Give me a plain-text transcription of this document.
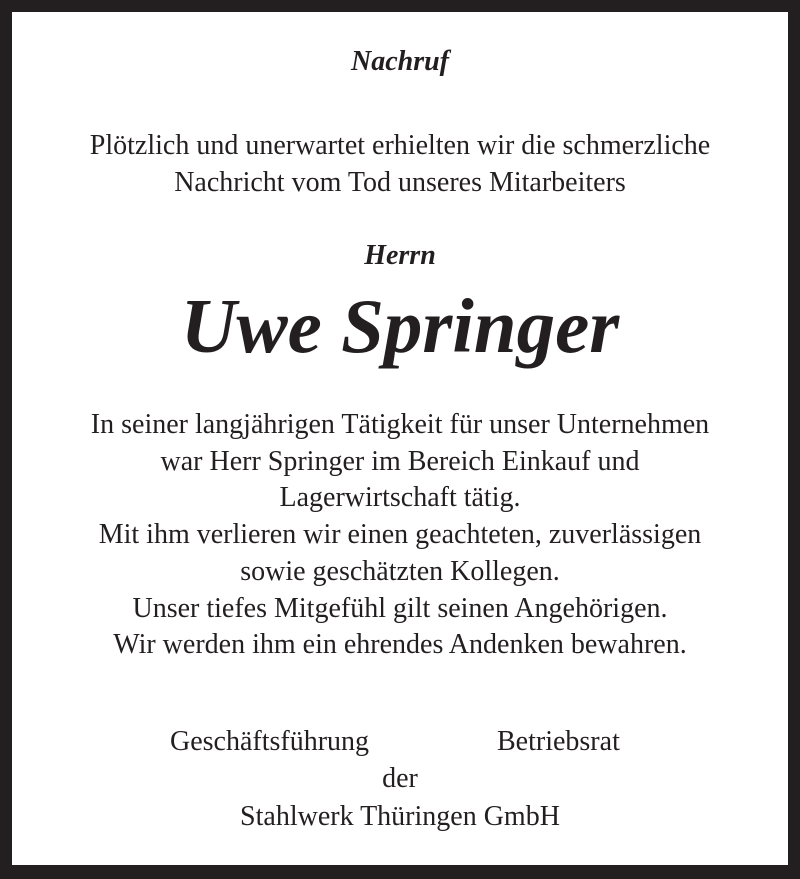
Nachruf
Plötzlich und unerwartet erhielten wir die schmerzliche
Nachricht vom Tod unseres Mitarbeiters
Herrn
Uwe Springer
In seiner langjährigen Tätigkeit für unser Unternehmen
war Herr Springer im Bereich Einkauf und
Lagerwirtschaft tätig.
Mit ihm verlieren wir einen geachteten, zuverlässigen
sowie geschätzten Kollegen.
Unser tiefes Mitgefühl gilt seinen Angehörigen.
Wir werden ihm ein ehrendes Andenken bewahren.
Geschäftsführung	Betriebsrat
der
Stahlwerk Thüringen GmbH
